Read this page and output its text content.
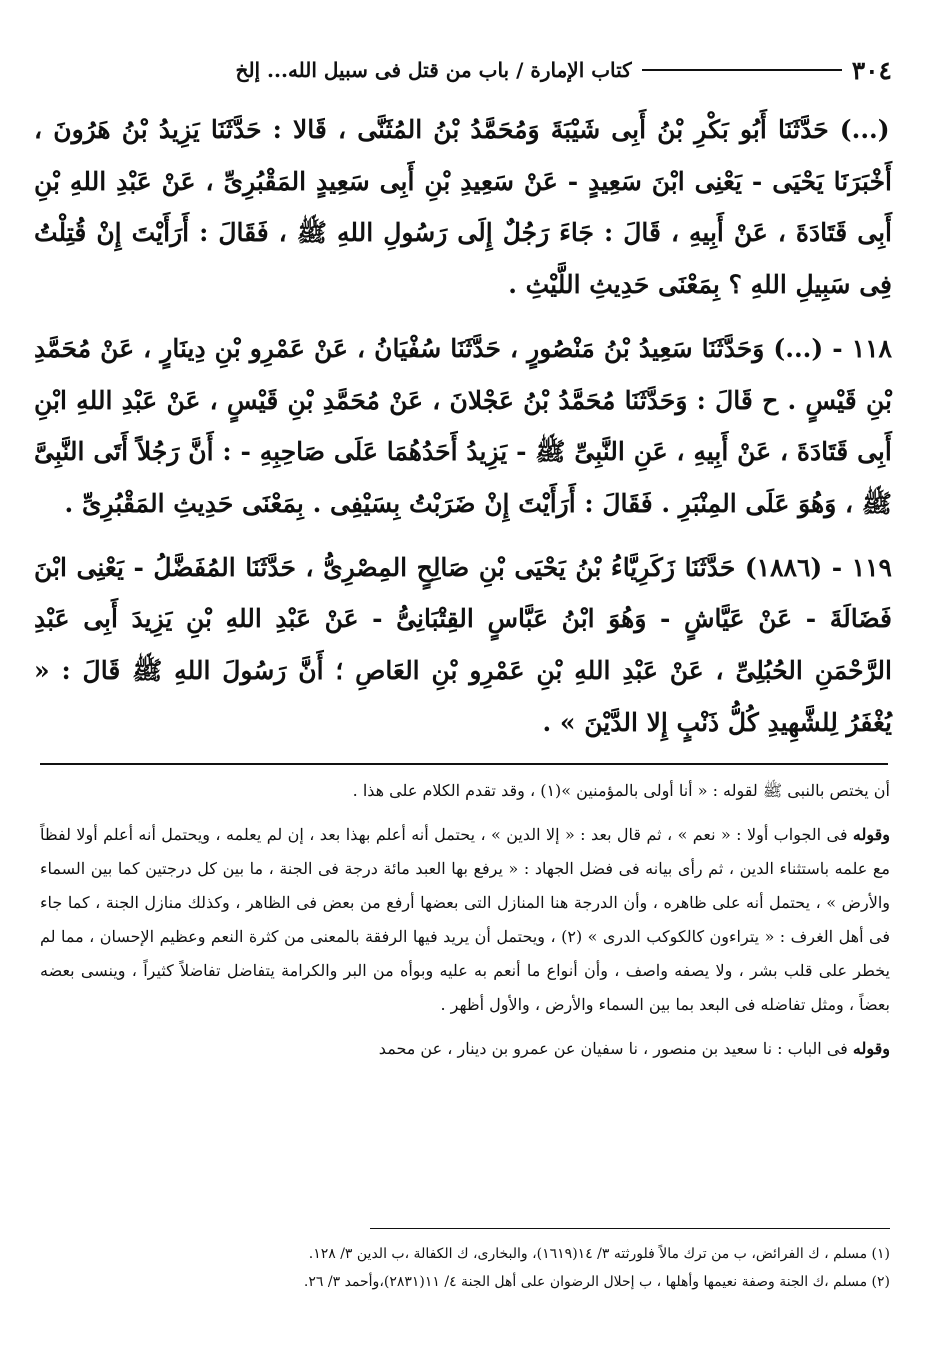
٣٠٤
كتاب الإمارة / باب من قتل فى سبيل الله... إلخ

(...) حَدَّثَنَا أَبُو بَكْرِ بْنُ أَبِى شَيْبَةَ وَمُحَمَّدُ بْنُ المُثَنَّى ، قَالا : حَدَّثَنَا يَزِيدُ بْنُ هَرُونَ ،أَخْبَرَنَا يَحْيَى - يَعْنِى ابْنَ سَعِيدٍ - عَنْ سَعِيدِ بْنِ أَبِى سَعِيدٍ المَقْبُرِىِّ ، عَنْ عَبْدِ اللهِ بْنِ أَبِىقَتَادَةَ ، عَنْ أَبِيهِ ، قَالَ : جَاءَ رَجُلٌ إِلَى رَسُولِ اللهِ ﷺ ، فَقَالَ : أَرَأَيْتَ إِنْ قُتِلْتُ فِى سَبِيلِ اللهِ ؟بِمَعْنَى حَدِيثِ اللَّيْثِ .

١١٨ - (...) وَحَدَّثَنَا سَعِيدُ بْنُ مَنْصُورٍ ، حَدَّثَنَا سُفْيَانُ ، عَنْ عَمْرِو بْنِ دِينَارٍ ، عَنْمُحَمَّدِ بْنِ قَيْسٍ . ح قَالَ : وَحَدَّثَنَا مُحَمَّدُ بْنُ عَجْلانَ ، عَنْ مُحَمَّدِ بْنِ قَيْسٍ ، عَنْ عَبْدِ اللهِابْنِ أَبِى قَتَادَةَ ، عَنْ أَبِيهِ ، عَنِ النَّبِىِّ ﷺ - يَزِيدُ أَحَدُهُمَا عَلَى صَاحِبِهِ - : أَنَّ رَجُلاً أَتَى النَّبِىَّﷺ ، وَهُوَ عَلَى المِنْبَرِ . فَقَالَ : أَرَأَيْتَ إِنْ ضَرَبْتُ بِسَيْفِى . بِمَعْنَى حَدِيثِ المَقْبُرِىِّ .

١١٩ - (١٨٨٦) حَدَّثَنَا زَكَرِيَّاءُ بْنُ يَحْيَى بْنِ صَالِحٍ المِصْرِىُّ ، حَدَّثَنَا المُفَضَّلُ - يَعْنِىابْنَ فَضَالَةَ - عَنْ عَيَّاشٍ - وَهُوَ ابْنُ عَبَّاسٍ القِتْبَانِىُّ - عَنْ عَبْدِ اللهِ بْنِ يَزِيدَ أَبِى عَبْدِ الرَّحْمَنِالحُبُلِىِّ ، عَنْ عَبْدِ اللهِ بْنِ عَمْرِو بْنِ العَاصِ ؛ أَنَّ رَسُولَ اللهِ ﷺ قَالَ : « يُغْفَرُ لِلشَّهِيدِ كُلُّذَنْبٍ إِلا الدَّيْنَ » .

أن يختص بالنبى ﷺ لقوله : « أنا أولى بالمؤمنين »(١) ، وقد تقدم الكلام على هذا .

وقوله فى الجواب أولا : « نعم » ، ثم قال بعد : « إلا الدين » ، يحتمل أنه أعلم بهذا بعد ، إن لم يعلمه ، ويحتمل أنه أعلم أولا لفظاً مع علمه باستثناء الدين ، ثم رأى بيانه فى فضل الجهاد : « يرفع بها العبد مائة درجة فى الجنة ، ما بين كل درجتين كما بين السماء والأرض » ، يحتمل أنه على ظاهره ، وأن الدرجة هنا المنازل التى بعضها أرفع من بعض فى الظاهر ، وكذلك منازل الجنة ، كما جاء فى أهل الغرف : « يتراءون كالكوكب الدرى » (٢) ، ويحتمل أن يريد فيها الرفقة بالمعنى من كثرة النعم وعظيم الإحسان ، مما لم يخطر على قلب بشر ، ولا يصفه واصف ، وأن أنواع ما أنعم به عليه وبوأه من البر والكرامة يتفاضل تفاضلاً كثيراً ، وينسى بعضه بعضاً ، ومثل تفاضله فى البعد بما بين السماء والأرض ، والأول أظهر .

وقوله فى الباب : نا سعيد بن منصور ، نا سفيان عن عمرو بن دينار ، عن محمد

(١) مسلم ، ك الفرائض، ب من ترك مالاً فلورثته ٣/ ١٤(١٦١٩)، والبخارى، ك الكفالة ،ب الدين ٣/ ١٢٨.

(٢) مسلم ،ك الجنة وصفة نعيمها وأهلها ، ب إحلال الرضوان على أهل الجنة ٤/ ١١(٢٨٣١)،وأحمد ٣/ ٢٦.
